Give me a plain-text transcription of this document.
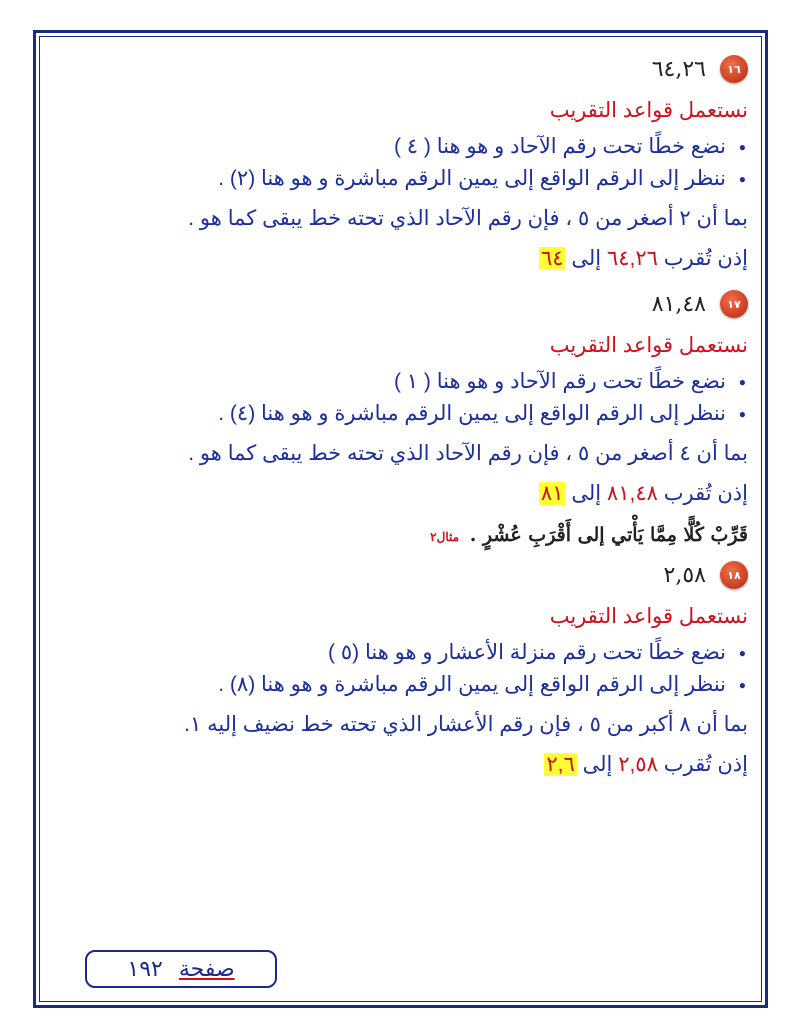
١٦
٦٤,٢٦
نستعمل قواعد التقريب
● نضع خطًا تحت رقم الآحاد و هو هنا ( ٤ )
● ننظر إلى الرقم الواقع إلى يمين الرقم مباشرة و هو هنا (٢) .
بما أن ٢ أصغر من ٥ ، فإن رقم الآحاد الذي تحته خط يبقى كما هو .
إذن تُقرب ٦٤,٢٦ إلى ٦٤
١٧
٨١,٤٨
نستعمل قواعد التقريب
● نضع خطًا تحت رقم الآحاد و هو هنا ( ١ )
● ننظر إلى الرقم الواقع إلى يمين الرقم مباشرة و هو هنا (٤) .
بما أن ٤ أصغر من ٥ ، فإن رقم الآحاد الذي تحته خط يبقى كما هو .
إذن تُقرب ٨١,٤٨ إلى ٨١
قَرِّبْ كُلًّا مِمَّا يَأْتي إلى أَقْرَبِ عُشْرٍ . مثال٢
١٨
٢,٥٨
نستعمل قواعد التقريب
● نضع خطًا تحت رقم منزلة الأعشار و هو هنا (٥ )
● ننظر إلى الرقم الواقع إلى يمين الرقم مباشرة و هو هنا (٨) .
بما أن ٨ أكبر من ٥ ، فإن رقم الأعشار الذي تحته خط نضيف إليه ١.
إذن تُقرب ٢,٥٨ إلى ٢,٦
صفحة
١٩٢
